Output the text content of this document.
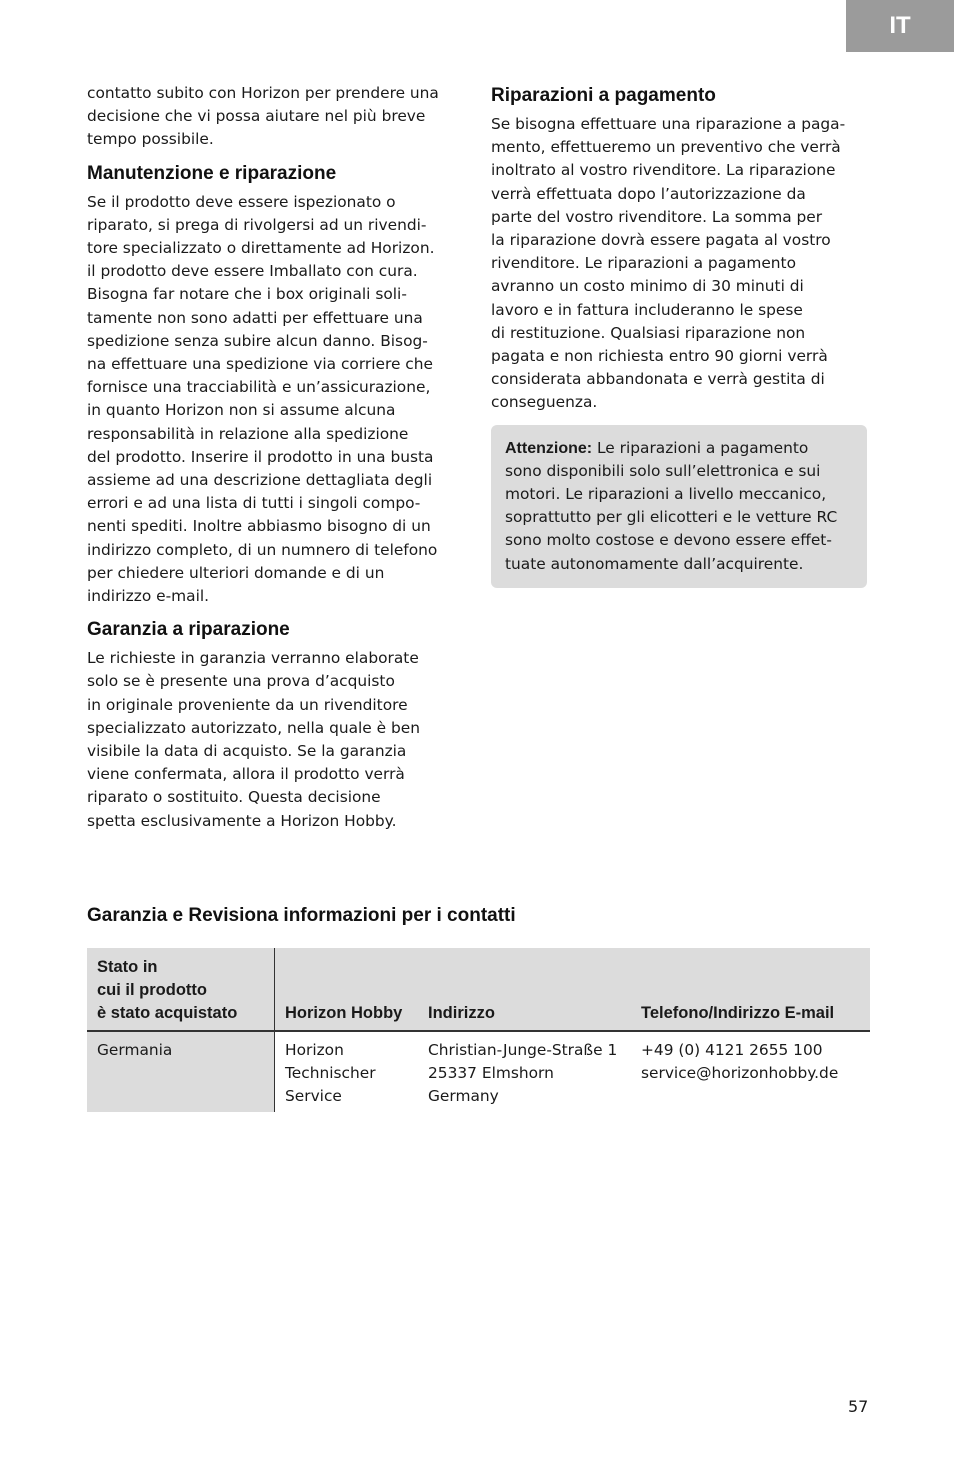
IT

contatto subito con Horizon per prendere una
decisione che vi possa aiutare nel più breve
tempo possibile.

Manutenzione e riparazione

Se il prodotto deve essere ispezionato o
riparato, si prega di rivolgersi ad un rivendi-
tore specializzato o direttamente ad Horizon.
il prodotto deve essere Imballato con cura.
Bisogna far notare che i box originali soli-
tamente non sono adatti per effettuare una
spedizione senza subire alcun danno. Bisog-
na effettuare una spedizione via corriere che
fornisce una tracciabilità e un’assicurazione,
in quanto Horizon non si assume alcuna
responsabilità in relazione alla spedizione
del prodotto. Inserire il prodotto in una busta
assieme ad una descrizione dettagliata degli
errori e ad una lista di tutti i singoli compo-
nenti spediti. Inoltre abbiasmo bisogno di un
indirizzo completo, di un numnero di telefono
per chiedere ulteriori domande e di un
indirizzo e-mail.

Garanzia a riparazione

Le richieste in garanzia verranno elaborate
solo se è presente una prova d’acquisto
in originale proveniente da un rivenditore
specializzato autorizzato, nella quale è ben
visibile la data di acquisto. Se la garanzia
viene confermata, allora il prodotto verrà
riparato o sostituito. Questa decisione
spetta esclusivamente a Horizon Hobby.

Riparazioni a pagamento

Se bisogna effettuare una riparazione a paga-
mento, effettueremo un preventivo che verrà
inoltrato al vostro rivenditore. La riparazione
verrà effettuata dopo l’autorizzazione da
parte del vostro rivenditore. La somma per
la riparazione dovrà essere pagata al vostro
rivenditore. Le riparazioni a pagamento
avranno un costo minimo di 30 minuti di
lavoro e in fattura includeranno le spese
di restituzione. Qualsiasi riparazione non
pagata e non richiesta entro 90 giorni verrà
considerata abbandonata e verrà gestita di
conseguenza.

Attenzione: Le riparazioni a pagamento
sono disponibili solo sull’elettronica e sui
motori. Le riparazioni a livello meccanico,
soprattutto per gli elicotteri e le vetture RC
sono molto costose e devono essere effet-
tuate autonomamente dall’acquirente.

Garanzia e Revisiona informazioni per i contatti
Stato in
cui il prodotto
è stato acquistato	Horizon Hobby	Indirizzo	Telefono/Indirizzo E-mail
Germania	Horizon
Technischer
Service	Christian-Junge-Straße 1
25337 Elmshorn
Germany	+49 (0) 4121 2655 100
service@horizonhobby.de
57
